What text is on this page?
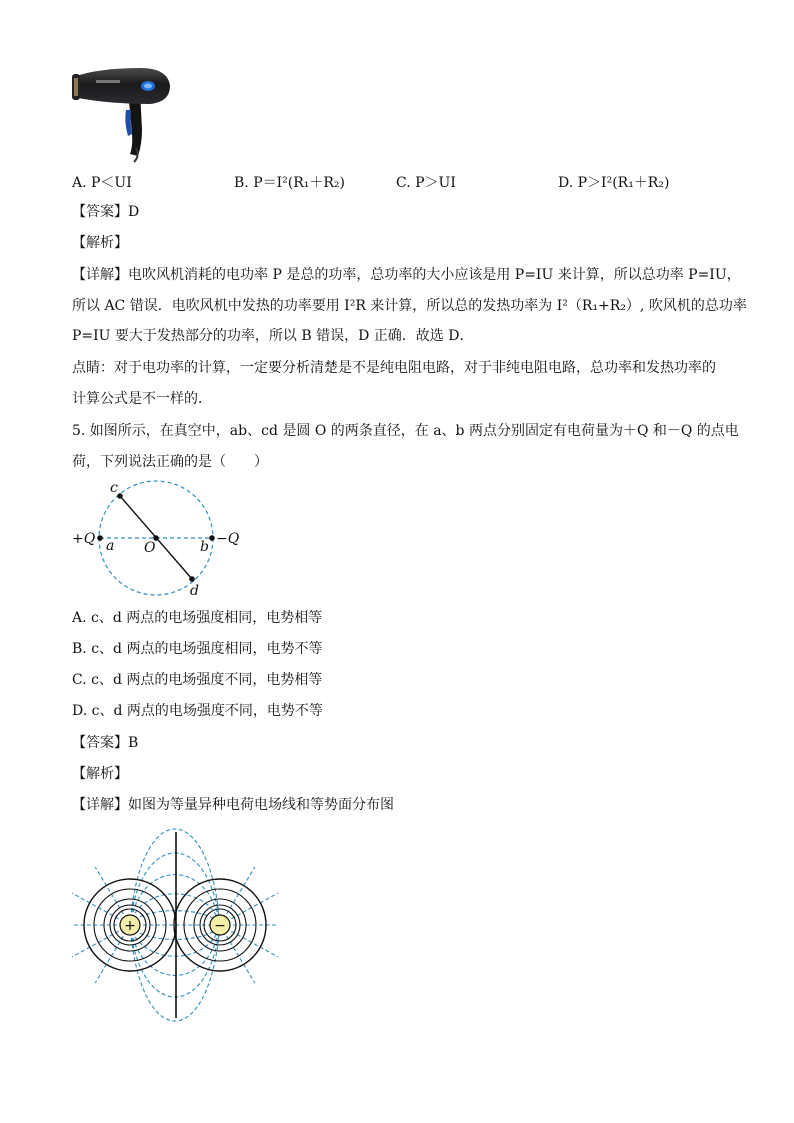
A. P＜UI	B. P＝I²(R₁＋R₂)	C. P＞UI	D. P＞I²(R₁＋R₂)
【答案】D
【解析】
【详解】电吹风机消耗的电功率 P 是总的功率，总功率的大小应该是用 P=IU 来计算，所以总功率 P=IU，
所以 AC 错误．电吹风机中发热的功率要用 I²R 来计算，所以总的发热功率为 I²（R₁+R₂）, 吹风机的总功率
P=IU 要大于发热部分的功率，所以 B 错误，D 正确．故选 D．
点睛：对于电功率的计算，一定要分析清楚是不是纯电阻电路，对于非纯电阻电路，总功率和发热功率的
计算公式是不一样的．
5. 如图所示，在真空中，ab、cd 是圆 O 的两条直径，在 a、b 两点分别固定有电荷量为＋Q 和－Q 的点电
荷，下列说法正确的是（　　）
+Q a	b −Q
c
d
O
A. c、d 两点的电场强度相同，电势相等
B. c、d 两点的电场强度相同，电势不等
C. c、d 两点的电场强度不同，电势相等
D. c、d 两点的电场强度不同，电势不等
【答案】B
【解析】
【详解】如图为等量异种电荷电场线和等势面分布图
+	−
